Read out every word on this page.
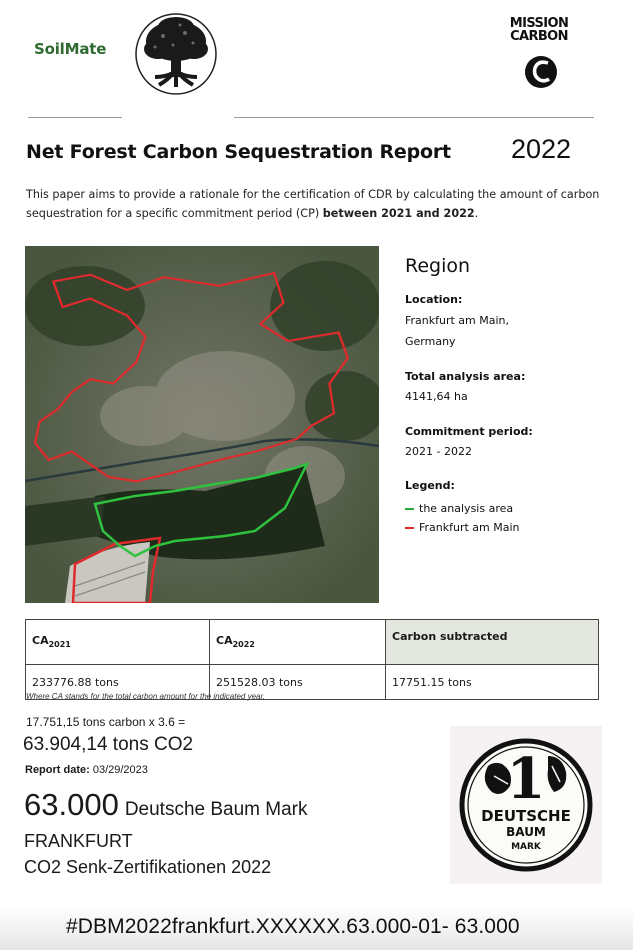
SoilMate
MISSION
CARBON
Net Forest Carbon Sequestration Report 2022
This paper aims to provide a rationale for the certification of CDR by calculating the amount of carbon sequestration for a specific commitment period (CP) between 2021 and 2022.
Region
Location:
Frankfurt am Main,
Germany
Total analysis area:
4141,64 ha
Commitment period:
2021 - 2022
Legend:
the analysis area
Frankfurt am Main
$CA_{2021}$	$CA_{2022}$	Carbon subtracted
233776.88 tons	251528.03 tons	17751.15 tons
Where CA stands for the total carbon amount for the indicated year.
17.751,15 tons carbon x 3.6 =
63.904,14 tons CO2
Report date: 03/29/2023
63.000 Deutsche Baum Mark
FRANKFURT
CO2 Senk-Zertifikationen 2022
1
DEUTSCHE
BAUM
MARK
#DBM2022frankfurt.XXXXXX.63.000-01- 63.000
